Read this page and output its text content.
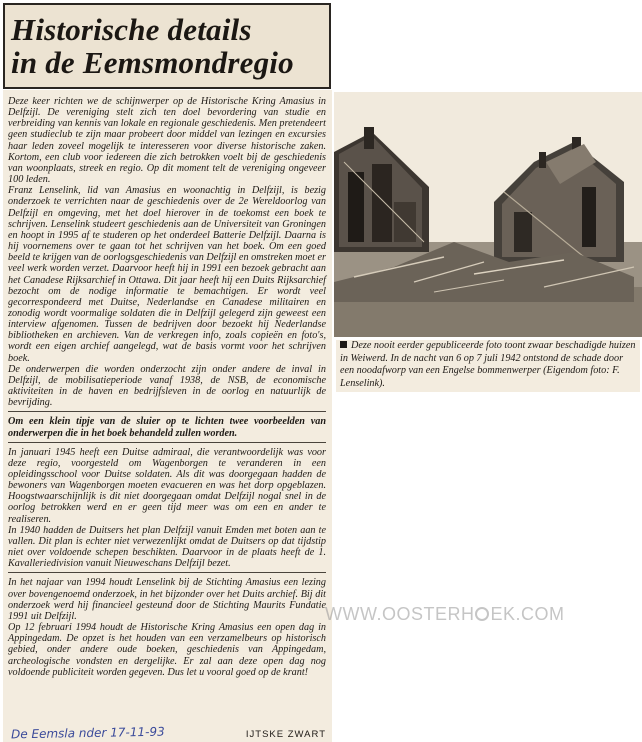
Historische details
in de Eemsmondregio

Deze keer richten we de schijnwerper op de Historische Kring Amasius in Delfzijl. De vereniging stelt zich ten doel bevordering van studie en verbreiding van kennis van lokale en regionale geschiedenis. Men pretendeert geen studieclub te zijn maar probeert door middel van lezingen en excursies haar leden zoveel mogelijk te interesseren voor diverse historische zaken. Kortom, een club voor iedereen die zich betrokken voelt bij de geschiedenis van woonplaats, streek en regio. Op dit moment telt de vereniging ongeveer 100 leden.

Franz Lenselink, lid van Amasius en woonachtig in Delfzijl, is bezig onderzoek te verrichten naar de geschiedenis over de 2e Wereldoorlog van Delfzijl en omgeving, met het doel hierover in de toekomst een boek te schrijven. Lenselink studeert geschiedenis aan de Universiteit van Groningen en hoopt in 1995 af te studeren op het onderdeel Batterie Delfzijl. Daarna is hij voornemens over te gaan tot het schrijven van het boek. Om een goed beeld te krijgen van de oorlogsgeschiedenis van Delfzijl en omstreken moet er veel werk worden verzet. Daarvoor heeft hij in 1991 een bezoek gebracht aan het Canadese Rijksarchief in Ottawa. Dit jaar heeft hij een Duits Rijksarchief bezocht om de nodige informatie te bemachtigen. Er wordt veel gecorrespondeerd met Duitse, Nederlandse en Canadese militairen en zonodig wordt voormalige soldaten die in Delfzijl gelegerd zijn geweest een interview afgenomen. Tussen de bedrijven door bezoekt hij Nederlandse bibliotheken en archieven. Van de verkregen info, zoals copieën en foto's, wordt een eigen archief aangelegd, wat de basis vormt voor het schrijven boek.

De onderwerpen die worden onderzocht zijn onder andere de inval in Delfzijl, de mobilisatieperiode vanaf 1938, de NSB, de economische aktiviteiten in de haven en bedrijfsleven in de oorlog en natuurlijk de bevrijding.

Om een klein tipje van de sluier op te lichten twee voorbeelden van onderwerpen die in het boek behandeld zullen worden.

In januari 1945 heeft een Duitse admiraal, die verantwoordelijk was voor deze regio, voorgesteld om Wagenborgen te veranderen in een opleidingsschool voor Duitse soldaten. Als dit was doorgegaan hadden de bewoners van Wagenborgen moeten evacueren en was het dorp opgeblazen. Hoogstwaarschijnlijk is dit niet doorgegaan omdat Delfzijl nogal snel in de oorlog betrokken werd en er geen tijd meer was om een en ander te realiseren.

In 1940 hadden de Duitsers het plan Delfzijl vanuit Emden met boten aan te vallen. Dit plan is echter niet verwezenlijkt omdat de Duitsers op dat tijdstip niet over voldoende schepen beschikten. Daarvoor in de plaats heeft de 1. Kavalleriedivision vanuit Nieuweschans Delfzijl bezet.

In het najaar van 1994 houdt Lenselink bij de Stichting Amasius een lezing over bovengenoemd onderzoek, in het bijzonder over het Duits archief. Bij dit onderzoek werd hij financieel gesteund door de Stichting Maurits Fundatie 1991 uit Delfzijl.

Op 12 februari 1994 houdt de Historische Kring Amasius een open dag in Appingedam. De opzet is het houden van een verzamelbeurs op historisch gebied, onder andere oude boeken, geschiedenis van Appingedam, archeologische vondsten en dergelijke. Er zal aan deze open dag nog voldoende publiciteit worden gegeven. Dus let u vooral goed op de krant!

De Eemsla nder 17-11-93	IJTSKE ZWART
Deze nooit eerder gepubliceerde foto toont zwaar beschadigde huizen in Weiwerd. In de nacht van 6 op 7 juli 1942 ontstond de schade door een noodafworp van een Engelse bommenwerper (Eigendom foto: F. Lenselink).
WWW.OOSTERH EK.COM
